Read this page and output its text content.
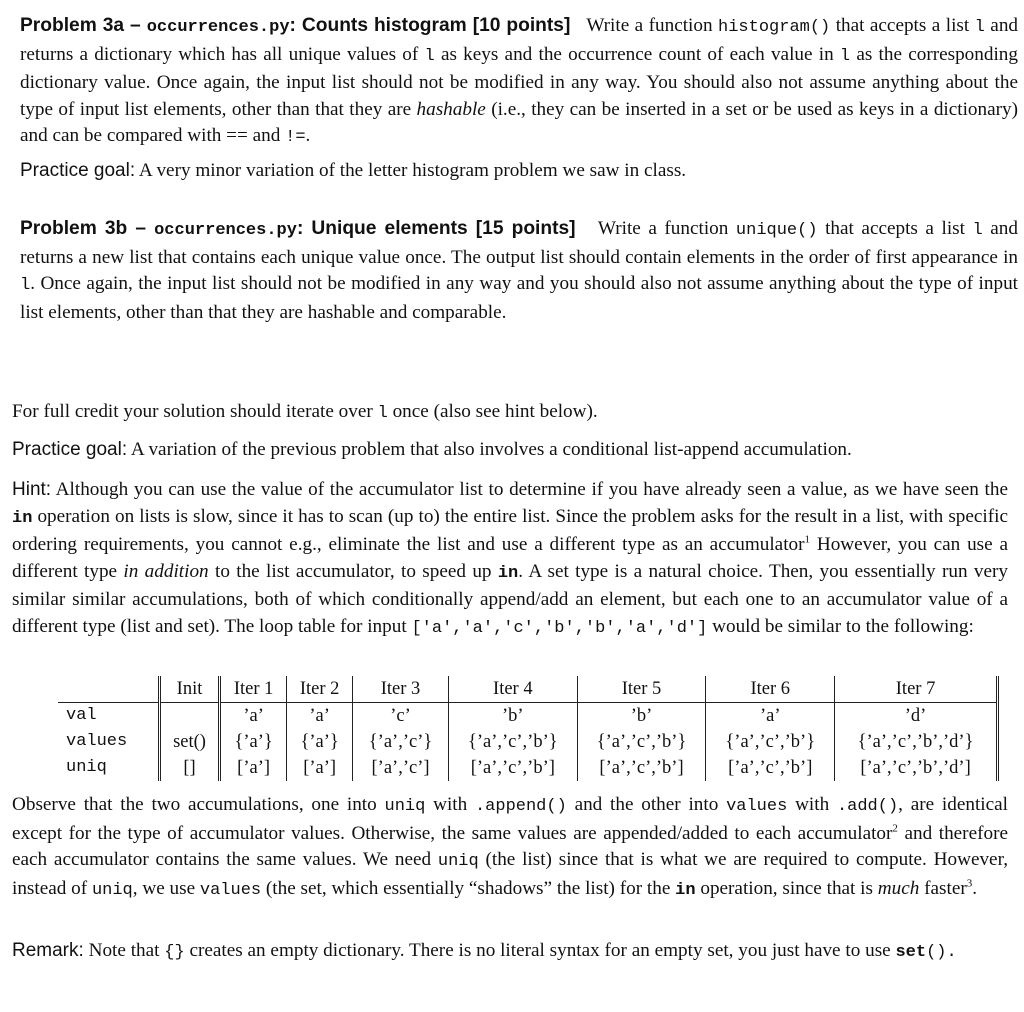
Problem 3a – occurrences.py: Counts histogram [10 points] Write a function histogram() that accepts a list l and returns a dictionary which has all unique values of l as keys and the occurrence count of each value in l as the corresponding dictionary value. Once again, the input list should not be modified in any way. You should also not assume anything about the type of input list elements, other than that they are hashable (i.e., they can be inserted in a set or be used as keys in a dictionary) and can be compared with == and !=.
Practice goal: A very minor variation of the letter histogram problem we saw in class.
Problem 3b – occurrences.py: Unique elements [15 points] Write a function unique() that accepts a list l and returns a new list that contains each unique value once. The output list should contain elements in the order of first appearance in l. Once again, the input list should not be modified in any way and you should also not assume anything about the type of input list elements, other than that they are hashable and comparable.
For full credit your solution should iterate over l once (also see hint below).
Practice goal: A variation of the previous problem that also involves a conditional list-append accumulation.
Hint: Although you can use the value of the accumulator list to determine if you have already seen a value, as we have seen the in operation on lists is slow, since it has to scan (up to) the entire list. Since the problem asks for the result in a list, with specific ordering requirements, you cannot e.g., eliminate the list and use a different type as an accumulator$^1$ However, you can use a different type in addition to the list accumulator, to speed up in. A set type is a natural choice. Then, you essentially run very similar similar accumulations, both of which conditionally append/add an element, but each one to an accumulator value of a different type (list and set). The loop table for input ['a','a','c','b','b','a','d'] would be similar to the following:
	Init	Iter 1	Iter 2	Iter 3	Iter 4	Iter 5	Iter 6	Iter 7
val		’a’	’a’	’c’	’b’	’b’	’a’	’d’
values	set()	{’a’}	{’a’}	{’a’,’c’}	{’a’,’c’,’b’}	{’a’,’c’,’b’}	{’a’,’c’,’b’}	{’a’,’c’,’b’,’d’}
uniq	[]	[’a’]	[’a’]	[’a’,’c’]	[’a’,’c’,’b’]	[’a’,’c’,’b’]	[’a’,’c’,’b’]	[’a’,’c’,’b’,’d’]
Observe that the two accumulations, one into uniq with .append() and the other into values with .add(), are identical except for the type of accumulator values. Otherwise, the same values are appended/added to each accumulator$^2$ and therefore each accumulator contains the same values. We need uniq (the list) since that is what we are required to compute. However, instead of uniq, we use values (the set, which essentially “shadows” the list) for the in operation, since that is much faster$^3$.
Remark: Note that {} creates an empty dictionary. There is no literal syntax for an empty set, you just have to use set().
